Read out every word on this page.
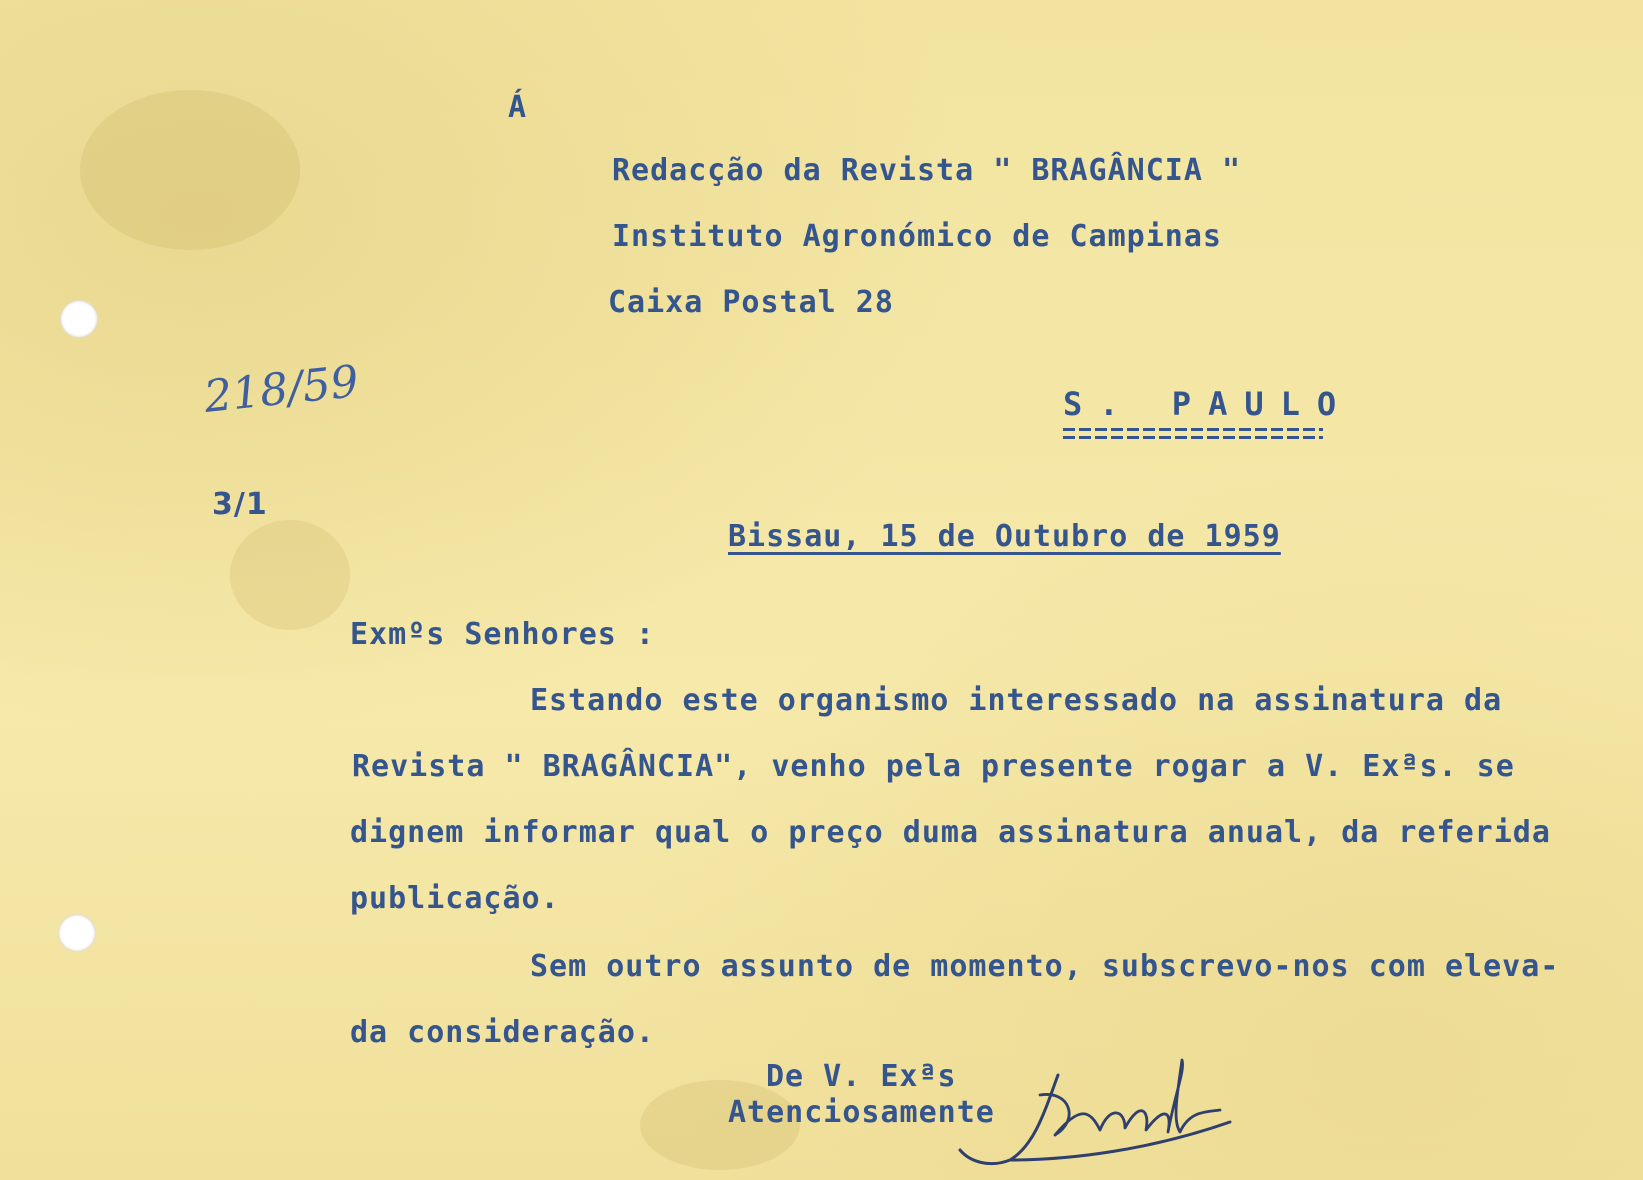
Á
Redacção da Revista " BRAGÂNCIA "
Instituto Agronómico de Campinas
Caixa Postal 28
218/59	S. PAULO
3/1
Bissau, 15 de Outubro de 1959
Exmºs Senhores :
Estando este organismo interessado na assinatura da
Revista " BRAGÂNCIA", venho pela presente rogar a V. Exªs. se
dignem informar qual o preço duma assinatura anual, da referida
publicação.
Sem outro assunto de momento, subscrevo-nos com eleva-
da consideração.
De V. Exªs
Atenciosamente
